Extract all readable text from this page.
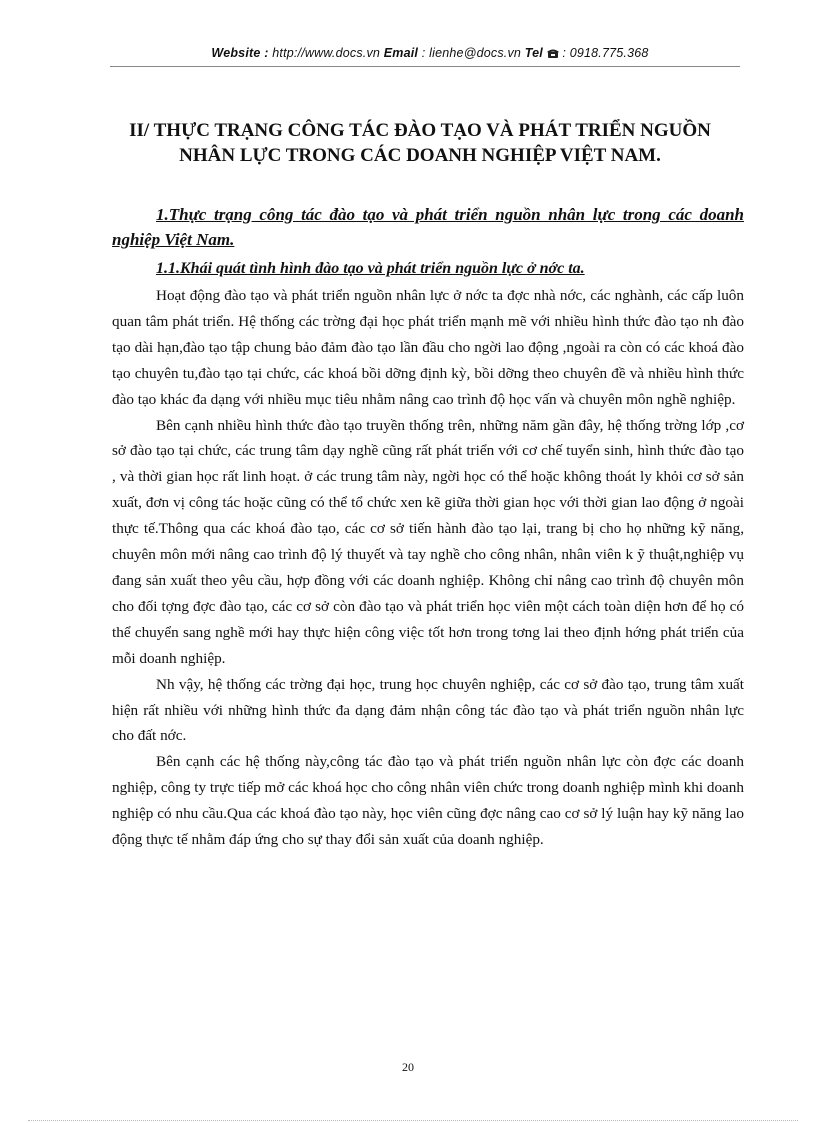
Website : http://www.docs.vn Email : lienhe@docs.vn Tel : 0918.775.368
II/ THỰC TRẠNG CÔNG TÁC ĐÀO TẠO VÀ PHÁT TRIỂN NGUỒN
NHÂN LỰC TRONG CÁC DOANH NGHIỆP VIỆT NAM.
1.Thực trạng công tác đào tạo và phát triển nguồn nhân lực trong các doanh nghiệp Việt Nam.
1.1.Khái quát tình hình đào tạo và phát triển nguồn lực ở nớc ta.

Hoạt động đào tạo và phát triển nguồn nhân lực ở nớc ta đợc nhà nớc, các nghành, các cấp luôn quan tâm phát triển. Hệ thống các trờng đại học phát triển mạnh mẽ với nhiều hình thức đào tạo nh đào tạo dài hạn,đào tạo tập chung bảo đảm đào tạo lần đầu cho ngời lao động ,ngoài ra còn có các khoá đào tạo chuyên tu,đào tạo tại chức, các khoá bồi dỡng định kỳ, bồi dỡng theo chuyên đề và nhiều hình thức đào tạo khác đa dạng với nhiều mục tiêu nhằm nâng cao trình độ học vấn và chuyên môn nghề nghiệp.

Bên cạnh nhiều hình thức đào tạo truyền thống trên, những năm gần đây, hệ thống trờng lớp ,cơ sở đào tạo tại chức, các trung tâm dạy nghề cũng rất phát triển với cơ chế tuyển sinh, hình thức đào tạo , và thời gian học rất linh hoạt. ở các trung tâm này, ngời học có thể hoặc không thoát ly khỏi cơ sở sản xuất, đơn vị công tác hoặc cũng có thể tổ chức xen kẽ giữa thời gian học với thời gian lao động ở ngoài thực tế.Thông qua các khoá đào tạo, các cơ sở tiến hành đào tạo lại, trang bị cho họ những kỹ năng, chuyên môn mới nâng cao trình độ lý thuyết và tay nghề cho công nhân, nhân viên k ỹ thuật,nghiệp vụ đang sản xuất theo yêu cầu, hợp đồng với các doanh nghiệp. Không chỉ nâng cao trình độ chuyên môn cho đối tợng đợc đào tạo, các cơ sở còn đào tạo và phát triển học viên một cách toàn diện hơn để họ có thể chuyển sang nghề mới hay thực hiện công việc tốt hơn trong tơng lai theo định hớng phát triển của mỗi doanh nghiệp.

Nh vậy, hệ thống các trờng đại học, trung học chuyên nghiệp, các cơ sở đào tạo, trung tâm xuất hiện rất nhiều với những hình thức đa dạng đảm nhận công tác đào tạo và phát triển nguồn nhân lực cho đất nớc.

Bên cạnh các hệ thống này,công tác đào tạo và phát triển nguồn nhân lực còn đợc các doanh nghiệp, công ty trực tiếp mở các khoá học cho công nhân viên chức trong doanh nghiệp mình khi doanh nghiệp có nhu cầu.Qua các khoá đào tạo này, học viên cũng đợc nâng cao cơ sở lý luận hay kỹ năng lao động thực tế nhằm đáp ứng cho sự thay đổi sản xuất của doanh nghiệp.

20
